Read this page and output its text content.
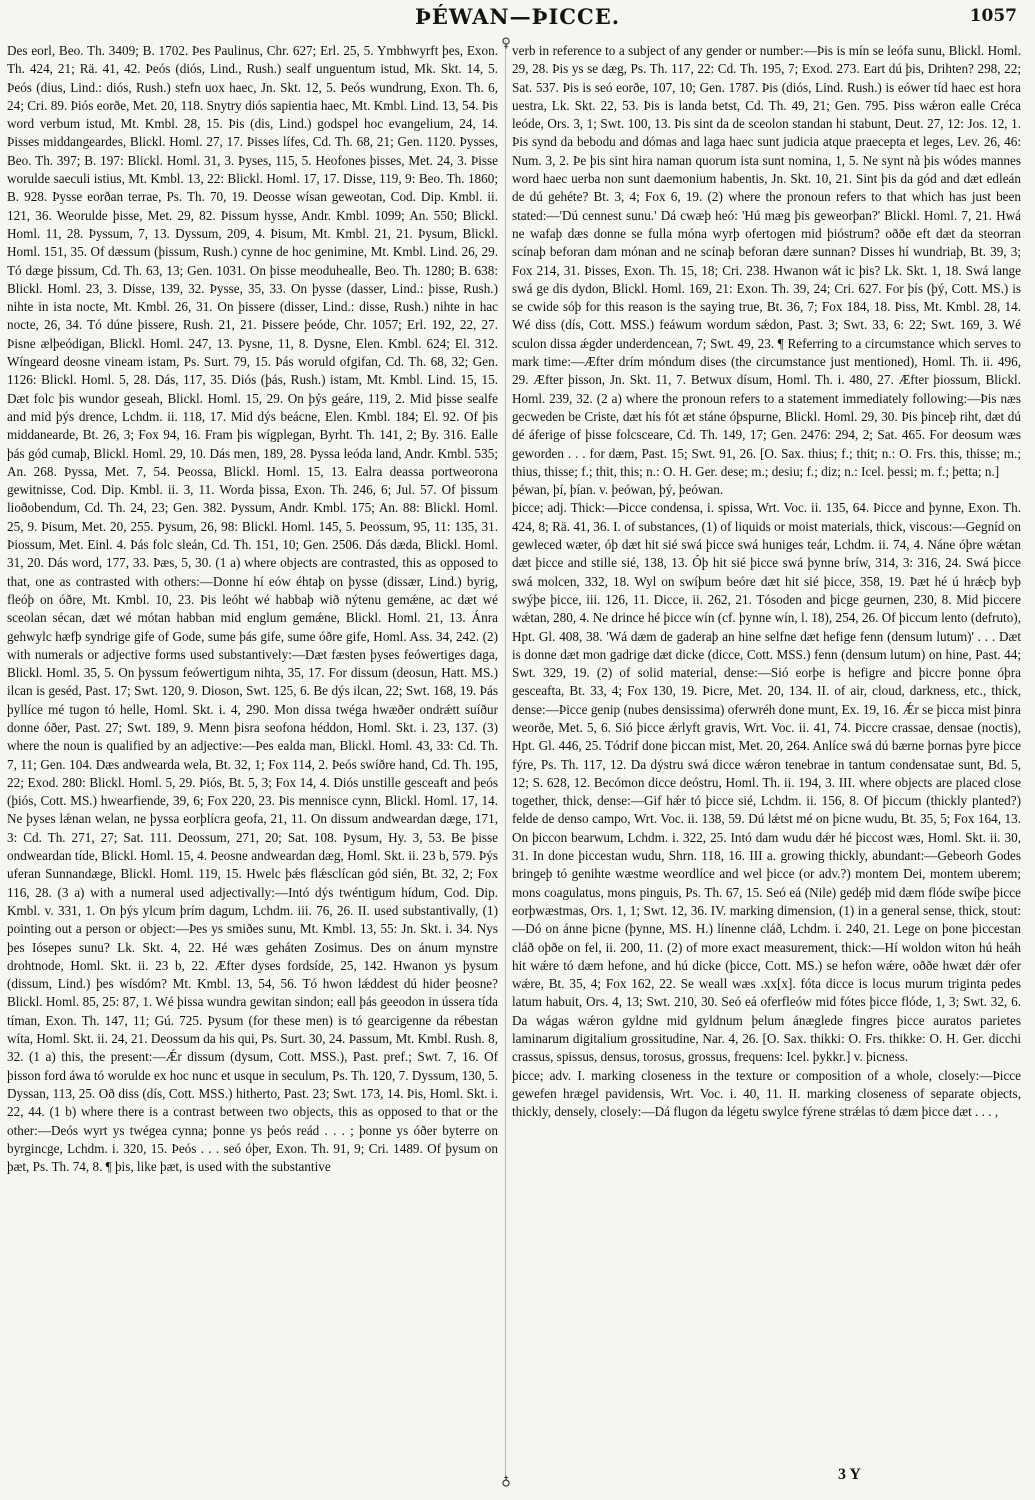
ÞÉWAN—ÞICCE.	1057
♀

Des eorl, Beo. Th. 3409; B. 1702. Þes Paulinus, Chr. 627; Erl. 25, 5. Ymbhwyrft þes, Exon. Th. 424, 21; Rä. 41, 42. Þeós (diós, Lind., Rush.) sealf unguentum istud, Mk. Skt. 14, 5. Þeós (dius, Lind.: diós, Rush.) stefn uox haec, Jn. Skt. 12, 5. Þeós wundrung, Exon. Th. 6, 24; Cri. 89. Þiós eorðe, Met. 20, 118. Snytry diós sapientia haec, Mt. Kmbl. Lind. 13, 54. Þis word verbum istud, Mt. Kmbl. 28, 15. Þis (dis, Lind.) godspel hoc evangelium, 24, 14. Þisses middangeardes, Blickl. Homl. 27, 17. Þisses lífes, Cd. Th. 68, 21; Gen. 1120. Þysses, Beo. Th. 397; B. 197: Blickl. Homl. 31, 3. Þyses, 115, 5. Heofones þisses, Met. 24, 3. Þisse worulde saeculi istius, Mt. Kmbl. 13, 22: Blickl. Homl. 17, 17. Disse, 119, 9: Beo. Th. 1860; B. 928. Þysse eorðan terrae, Ps. Th. 70, 19. Deosse wísan geweotan, Cod. Dip. Kmbl. ii. 121, 36. Weorulde þisse, Met. 29, 82. Þissum hysse, Andr. Kmbl. 1099; An. 550; Blickl. Homl. 11, 28. Þyssum, 7, 13. Dyssum, 209, 4. Þisum, Mt. Kmbl. 21, 21. Þysum, Blickl. Homl. 151, 35. Of dæssum (þissum, Rush.) cynne de hoc genimine, Mt. Kmbl. Lind. 26, 29. Tó dæge þissum, Cd. Th. 63, 13; Gen. 1031. On þisse meoduhealle, Beo. Th. 1280; B. 638: Blickl. Homl. 23, 3. Disse, 139, 32. Þysse, 35, 33. On þysse (dasser, Lind.: þisse, Rush.) nihte in ista nocte, Mt. Kmbl. 26, 31. On þissere (disser, Lind.: disse, Rush.) nihte in hac nocte, 26, 34. Tó dúne þissere, Rush. 21, 21. Þissere þeóde, Chr. 1057; Erl. 192, 22, 27. Þisne ælþeódigan, Blickl. Homl. 247, 13. Þysne, 11, 8. Dysne, Elen. Kmbl. 624; El. 312. Wíngeard deosne vineam istam, Ps. Surt. 79, 15. Þás woruld ofgifan, Cd. Th. 68, 32; Gen. 1126: Blickl. Homl. 5, 28. Dás, 117, 35. Diós (þás, Rush.) istam, Mt. Kmbl. Lind. 15, 15. Dæt folc þis wundor geseah, Blickl. Homl. 15, 29. On þýs geáre, 119, 2. Mid þisse sealfe and mid þýs drence, Lchdm. ii. 118, 17. Mid dýs beácne, Elen. Kmbl. 184; El. 92. Of þis middanearde, Bt. 26, 3; Fox 94, 16. Fram þis wígplegan, Byrht. Th. 141, 2; By. 316. Ealle þás gód cumaþ, Blickl. Homl. 29, 10. Dás men, 189, 28. Þyssa leóda land, Andr. Kmbl. 535; An. 268. Þyssa, Met. 7, 54. Þeossa, Blickl. Homl. 15, 13. Ealra deassa portweorona gewitnisse, Cod. Dip. Kmbl. ii. 3, 11. Worda þissa, Exon. Th. 246, 6; Jul. 57. Of þissum lioðobendum, Cd. Th. 24, 23; Gen. 382. Þyssum, Andr. Kmbl. 175; An. 88: Blickl. Homl. 25, 9. Þisum, Met. 20, 255. Þysum, 26, 98: Blickl. Homl. 145, 5. Þeossum, 95, 11: 135, 31. Þiossum, Met. Einl. 4. Þás folc sleán, Cd. Th. 151, 10; Gen. 2506. Dás dæda, Blickl. Homl. 31, 20. Dás word, 177, 33. Þæs, 5, 30. (1 a) where objects are contrasted, this as opposed to that, one as contrasted with others:—Donne hí eów éhtaþ on þysse (dissær, Lind.) byrig, fleóþ on óðre, Mt. Kmbl. 10, 23. Þis leóht wé habbaþ wið nýtenu gemǽne, ac dæt wé sceolan sécan, dæt wé mótan habban mid englum gemǽne, Blickl. Homl. 21, 13. Ánra gehwylc hæfþ syndrige gife of Gode, sume þás gife, sume óðre gife, Homl. Ass. 34, 242. (2) with numerals or adjective forms used substantively:—Dæt fæsten þyses feówertiges daga, Blickl. Homl. 35, 5. On þyssum feówertigum nihta, 35, 17. For dissum (deosun, Hatt. MS.) ilcan is geséd, Past. 17; Swt. 120, 9. Dioson, Swt. 125, 6. Be dýs ilcan, 22; Swt. 168, 19. Þás þyllíce mé tugon tó helle, Homl. Skt. i. 4, 290. Mon dissa twéga hwæðer ondrǽtt suíður donne óðer, Past. 27; Swt. 189, 9. Menn þisra seofona héddon, Homl. Skt. i. 23, 137. (3) where the noun is qualified by an adjective:—Þes ealda man, Blickl. Homl. 43, 33: Cd. Th. 7, 11; Gen. 104. Dæs andwearda wela, Bt. 32, 1; Fox 114, 2. Þeós swíðre hand, Cd. Th. 195, 22; Exod. 280: Blickl. Homl. 5, 29. Þiós, Bt. 5, 3; Fox 14, 4. Diós unstille gesceaft and þeós (þiós, Cott. MS.) hwearfiende, 39, 6; Fox 220, 23. Þis mennisce cynn, Blickl. Homl. 17, 14. Ne þyses lǽnan welan, ne þyssa eorþlícra geofa, 21, 11. On dissum andweardan dæge, 171, 3: Cd. Th. 271, 27; Sat. 111. Deossum, 271, 20; Sat. 108. Þysum, Hy. 3, 53. Be þisse ondweardan tíde, Blickl. Homl. 15, 4. Þeosne andweardan dæg, Homl. Skt. ii. 23 b, 579. Þýs uferan Sunnandæge, Blickl. Homl. 119, 15. Hwelc þǽs flǽsclícan gód sién, Bt. 32, 2; Fox 116, 28. (3 a) with a numeral used adjectivally:—Intó dýs twéntigum hídum, Cod. Dip. Kmbl. v. 331, 1. On þýs ylcum þrím dagum, Lchdm. iii. 76, 26. II. used substantivally, (1) pointing out a person or object:—Þes ys smiðes sunu, Mt. Kmbl. 13, 55: Jn. Skt. i. 34. Nys þes Iósepes sunu? Lk. Skt. 4, 22. Hé wæs geháten Zosimus. Des on ánum mynstre drohtnode, Homl. Skt. ii. 23 b, 22. Æfter dyses fordsíde, 25, 142. Hwanon ys þysum (dissum, Lind.) þes wísdóm? Mt. Kmbl. 13, 54, 56. Tó hwon lǽddest dú hider þeosne? Blickl. Homl. 85, 25: 87, 1. Wé þissa wundra gewitan sindon; eall þás geeodon in ússera tída tíman, Exon. Th. 147, 11; Gú. 725. Þysum (for these men) is tó gearcigenne da rébestan wíta, Homl. Skt. ii. 24, 21. Deossum da his qui, Ps. Surt. 30, 24. Þassum, Mt. Kmbl. Rush. 8, 32. (1 a) this, the present:—Ǽr dissum (dysum, Cott. MSS.), Past. pref.; Swt. 7, 16. Of þisson ford áwa tó worulde ex hoc nunc et usque in seculum, Ps. Th. 120, 7. Dyssum, 130, 5. Dyssan, 113, 25. Oð diss (dís, Cott. MSS.) hitherto, Past. 23; Swt. 173, 14. Þis, Homl. Skt. i. 22, 44. (1 b) where there is a contrast between two objects, this as opposed to that or the other:—Deós wyrt ys twégea cynna; þonne ys þeós reád . . . ; þonne ys óðer byterre on byrgincge, Lchdm. i. 320, 15. Þeós . . . seó óþer, Exon. Th. 91, 9; Cri. 1489. Of þysum on þæt, Ps. Th. 74, 8. ¶ þis, like þæt, is used with the substantive

verb in reference to a subject of any gender or number:—Þis is mín se leófa sunu, Blickl. Homl. 29, 28. Þis ys se dæg, Ps. Th. 117, 22: Cd. Th. 195, 7; Exod. 273. Eart dú þis, Drihten? 298, 22; Sat. 537. Þis is seó eorðe, 107, 10; Gen. 1787. Þis (diós, Lind. Rush.) is eówer tíd haec est hora uestra, Lk. Skt. 22, 53. Þis is landa betst, Cd. Th. 49, 21; Gen. 795. Þiss wǽron ealle Créca leóde, Ors. 3, 1; Swt. 100, 13. Þis sint da de sceolon standan hi stabunt, Deut. 27, 12: Jos. 12, 1. Þis synd da bebodu and dómas and laga haec sunt judicia atque praecepta et leges, Lev. 26, 46: Num. 3, 2. Þe þis sint hira naman quorum ista sunt nomina, 1, 5. Ne synt nà þis wódes mannes word haec uerba non sunt daemonium habentis, Jn. Skt. 10, 21. Sint þis da gód and dæt edleán de dú gehéte? Bt. 3, 4; Fox 6, 19. (2) where the pronoun refers to that which has just been stated:—'Dú cennest sunu.' Dá cwæþ heó: 'Hú mæg þis geweorþan?' Blickl. Homl. 7, 21. Hwá ne wafaþ dæs donne se fulla móna wyrþ ofertogen mid þióstrum? oððe eft dæt da steorran scínaþ beforan dam mónan and ne scínaþ beforan dære sunnan? Disses hí wundriaþ, Bt. 39, 3; Fox 214, 31. Þisses, Exon. Th. 15, 18; Cri. 238. Hwanon wát ic þis? Lk. Skt. 1, 18. Swá lange swá ge dis dydon, Blickl. Homl. 169, 21: Exon. Th. 39, 24; Cri. 627. For þís (þý, Cott. MS.) is se cwide sóþ for this reason is the saying true, Bt. 36, 7; Fox 184, 18. Þiss, Mt. Kmbl. 28, 14. Wé diss (dís, Cott. MSS.) feáwum wordum sǽdon, Past. 3; Swt. 33, 6: 22; Swt. 169, 3. Wé sculon dissa ǽgder underdencean, 7; Swt. 49, 23. ¶ Referring to a circumstance which serves to mark time:—Æfter drím móndum dises (the circumstance just mentioned), Homl. Th. ii. 496, 29. Æfter þisson, Jn. Skt. 11, 7. Betwux dísum, Homl. Th. i. 480, 27. Æfter þiossum, Blickl. Homl. 239, 32. (2 a) where the pronoun refers to a statement immediately following:—Þis næs gecweden be Criste, dæt hís fót æt stáne óþspurne, Blickl. Homl. 29, 30. Þis þinceþ riht, dæt dú dé áferige of þisse folcsceare, Cd. Th. 149, 17; Gen. 2476: 294, 2; Sat. 465. For deosum wæs geworden . . . for dæm, Past. 15; Swt. 91, 26. [O. Sax. thius; f.; thit; n.: O. Frs. this, thisse; m.; thius, thisse; f.; thit, this; n.: O. H. Ger. dese; m.; desiu; f.; diz; n.: Icel. þessi; m. f.; þetta; n.]

þéwan, þí, þían. v. þeówan, þý, þeówan.

þicce; adj. Thick:—Þicce condensa, i. spissa, Wrt. Voc. ii. 135, 64. Þicce and þynne, Exon. Th. 424, 8; Rä. 41, 36. I. of substances, (1) of liquids or moist materials, thick, viscous:—Gegníd on gewleced wæter, óþ dæt hit sié swá þicce swá huniges teár, Lchdm. ii. 74, 4. Náne óþre wǽtan dæt þicce and stille sié, 138, 13. Óþ hit sié þicce swá þynne bríw, 314, 3: 316, 24. Swá þicce swá molcen, 332, 18. Wyl on swíþum beóre dæt hit sié þicce, 358, 19. Þæt hé ú hrǽcþ byþ swýþe þicce, iii. 126, 11. Dicce, ii. 262, 21. Tósoden and þicge geurnen, 230, 8. Mid þiccere wǽtan, 280, 4. Ne drince hé þicce wín (cf. þynne wín, l. 18), 254, 26. Of þiccum lento (defruto), Hpt. Gl. 408, 38. 'Wá dæm de gaderaþ an hine selfne dæt hefige fenn (densum lutum)' . . . Dæt is donne dæt mon gadrige dæt dicke (dicce, Cott. MSS.) fenn (densum lutum) on hine, Past. 44; Swt. 329, 19. (2) of solid material, dense:—Sió eorþe is hefigre and þiccre þonne óþra gesceafta, Bt. 33, 4; Fox 130, 19. Þicre, Met. 20, 134. II. of air, cloud, darkness, etc., thick, dense:—Þicce genip (nubes densissima) oferwréh done munt, Ex. 19, 16. Ǽr se þicca mist þinra weorðe, Met. 5, 6. Sió þicce ǽrlyft gravis, Wrt. Voc. ii. 41, 74. Þiccre crassae, densae (noctis), Hpt. Gl. 446, 25. Tódrif done þiccan mist, Met. 20, 264. Anlíce swá dú bærne þornas þyre þicce fýre, Ps. Th. 117, 12. Da dýstru swá dicce wǽron tenebrae in tantum condensatae sunt, Bd. 5, 12; S. 628, 12. Becómon dicce deóstru, Homl. Th. ii. 194, 3. III. where objects are placed close together, thick, dense:—Gif hǽr tó þicce sié, Lchdm. ii. 156, 8. Of þiccum (thickly planted?) felde de denso campo, Wrt. Voc. ii. 138, 59. Dú lǽtst mé on þicne wudu, Bt. 35, 5; Fox 164, 13. On þiccon bearwum, Lchdm. i. 322, 25. Intó dam wudu dǽr hé þiccost wæs, Homl. Skt. ii. 30, 31. In done þiccestan wudu, Shrn. 118, 16. III a. growing thickly, abundant:—Gebeorh Godes bringeþ tó genihte wæstme weordlíce and wel þicce (or adv.?) montem Dei, montem uberem; mons coagulatus, mons pinguis, Ps. Th. 67, 15. Seó eá (Nile) gedéþ mid dæm flóde swíþe þicce eorþwæstmas, Ors. 1, 1; Swt. 12, 36. IV. marking dimension, (1) in a general sense, thick, stout:—Dó on ánne þicne (þynne, MS. H.) línenne cláð, Lchdm. i. 240, 21. Lege on þone þiccestan cláð oþðe on fel, ii. 200, 11. (2) of more exact measurement, thick:—Hí woldon witon hú heáh hit wǽre tó dæm hefone, and hú dicke (þicce, Cott. MS.) se hefon wǽre, oððe hwæt dǽr ofer wǽre, Bt. 35, 4; Fox 162, 22. Se weall wæs .xx[x]. fóta dicce is locus murum triginta pedes latum habuit, Ors. 4, 13; Swt. 210, 30. Seó eá oferfleów mid fótes þicce flóde, 1, 3; Swt. 32, 6. Da wágas wǽron gyldne mid gyldnum þelum ánæglede fingres þicce auratos parietes laminarum digitalium grossitudine, Nar. 4, 26. [O. Sax. thikki: O. Frs. thikke: O. H. Ger. dicchi crassus, spissus, densus, torosus, grossus, frequens: Icel. þykkr.] v. þicness.

þicce; adv. I. marking closeness in the texture or composition of a whole, closely:—Þicce gewefen hrægel pavidensis, Wrt. Voc. i. 40, 11. II. marking closeness of separate objects, thickly, densely, closely:—Dá flugon da légetu swylce fýrene strǽlas tó dæm þicce dæt . . . ,

♁	3 Y
